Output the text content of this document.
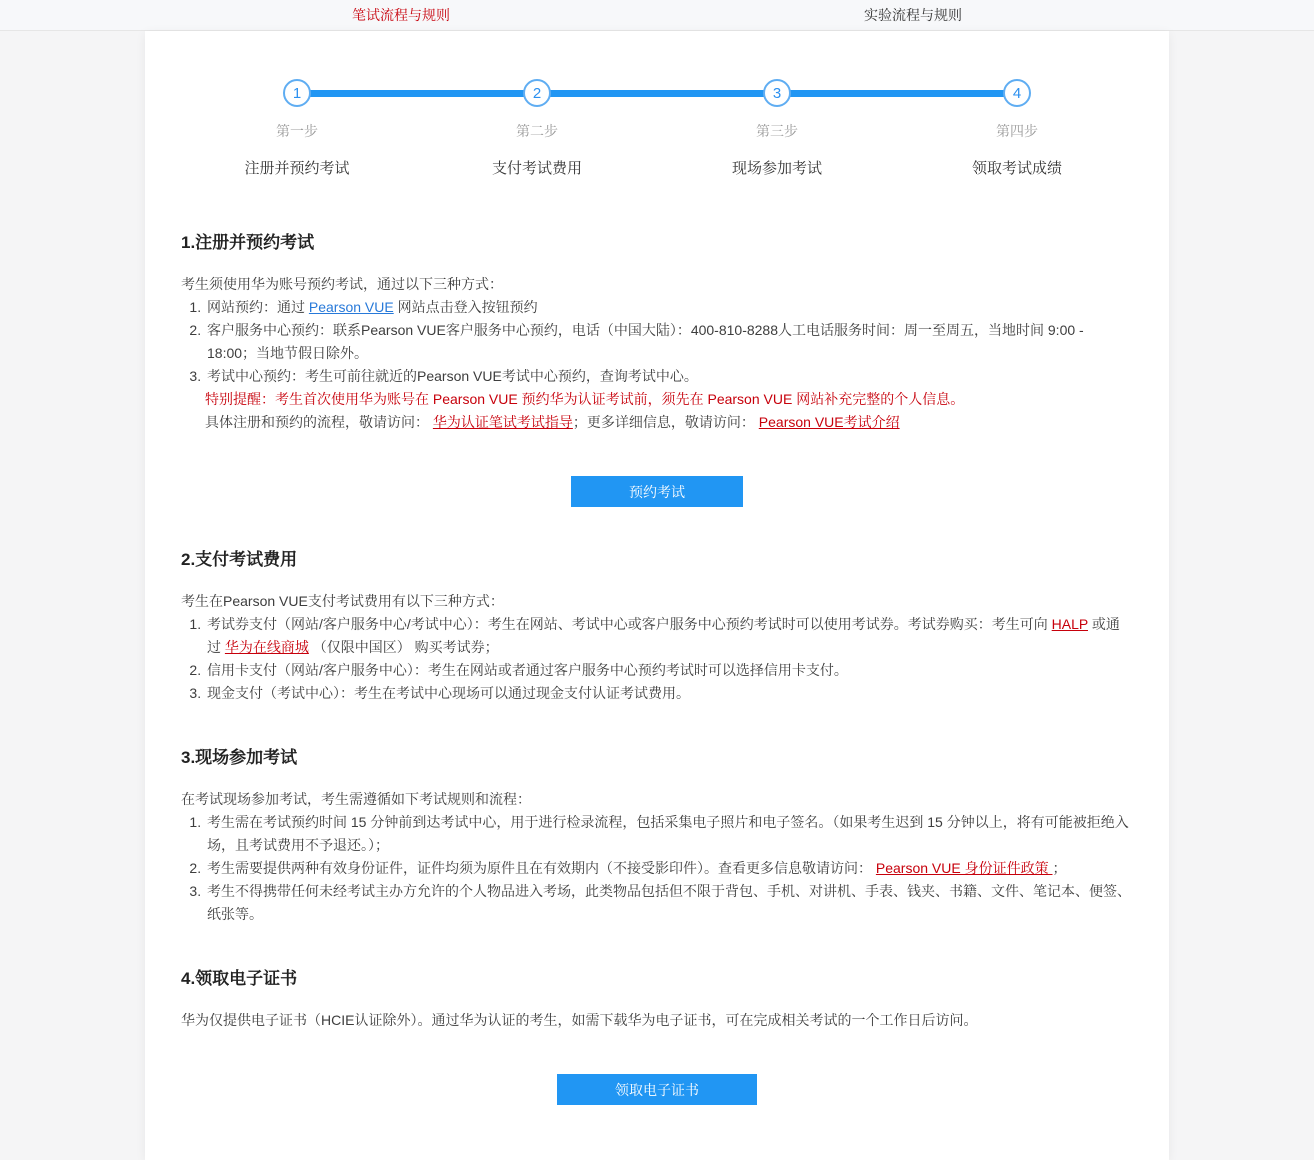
笔试流程与规则	实验流程与规则
1
第一步
注册并预约考试
2
第二步
支付考试费用
3
第三步
现场参加考试
4
第四步
领取考试成绩
1.注册并预约考试

考生须使用华为账号预约考试，通过以下三种方式：

1. 网站预约：通过 Pearson VUE 网站点击登入按钮预约
2. 客户服务中心预约：联系Pearson VUE客户服务中心预约，电话（中国大陆）：400-810-8288人工电话服务时间：周一至周五，当地时间 9:00 - 18:00；当地节假日除外。
3. 考试中心预约：考生可前往就近的Pearson VUE考试中心预约，查询考试中心。

特别提醒：考生首次使用华为账号在 Pearson VUE 预约华为认证考试前，须先在 Pearson VUE 网站补充完整的个人信息。

具体注册和预约的流程，敬请访问： 华为认证笔试考试指导；更多详细信息，敬请访问： Pearson VUE考试介绍

预约考试
2.支付考试费用

考生在Pearson VUE支付考试费用有以下三种方式：

1. 考试券支付（网站/客户服务中心/考试中心）：考生在网站、考试中心或客户服务中心预约考试时可以使用考试券。考试券购买：考生可向 HALP 或通过 华为在线商城 （仅限中国区） 购买考试券；
2. 信用卡支付（网站/客户服务中心）：考生在网站或者通过客户服务中心预约考试时可以选择信用卡支付。
3. 现金支付（考试中心）：考生在考试中心现场可以通过现金支付认证考试费用。
3.现场参加考试

在考试现场参加考试，考生需遵循如下考试规则和流程：

1. 考生需在考试预约时间 15 分钟前到达考试中心，用于进行检录流程，包括采集电子照片和电子签名。（如果考生迟到 15 分钟以上，将有可能被拒绝入场，且考试费用不予退还。）；
2. 考生需要提供两种有效身份证件，证件均须为原件且在有效期内（不接受影印件）。查看更多信息敬请访问： Pearson VUE 身份证件政策 ；
3. 考生不得携带任何未经考试主办方允许的个人物品进入考场，此类物品包括但不限于背包、手机、对讲机、手表、钱夹、书籍、文件、笔记本、便签、纸张等。
4.领取电子证书

华为仅提供电子证书（HCIE认证除外）。通过华为认证的考生，如需下载华为电子证书，可在完成相关考试的一个工作日后访问。

领取电子证书
